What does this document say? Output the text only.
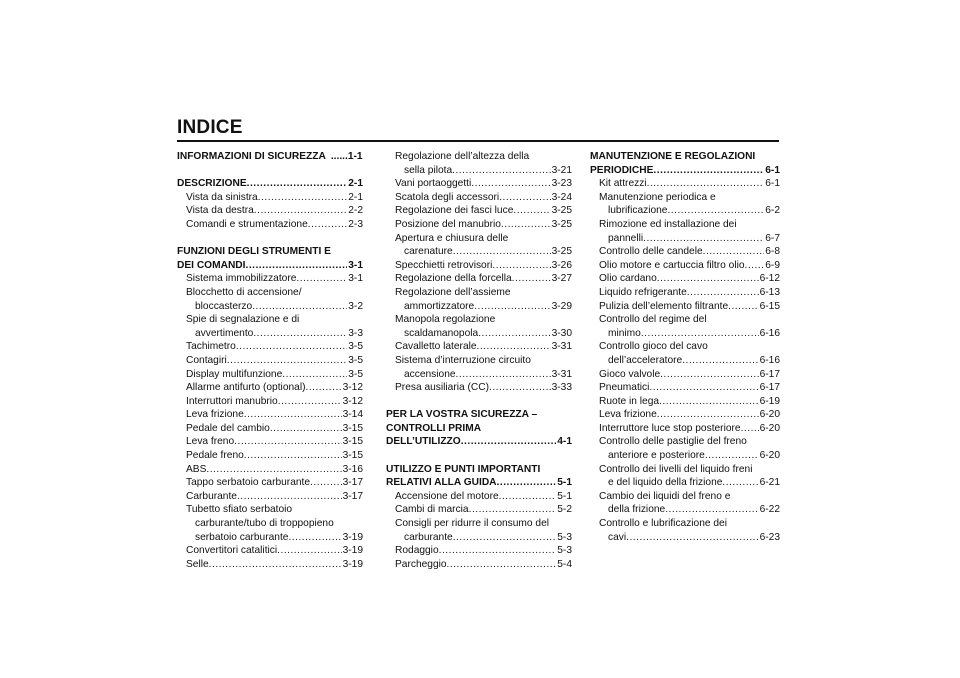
INDICE
INFORMAZIONI DI SICUREZZA ......1-1
DESCRIZIONE .....	2-1
Vista da sinistra .....	2-1
Vista da destra .....	2-2
Comandi e strumentazione .....	2-3
FUNZIONI DEGLI STRUMENTI E
DEI COMANDI .....	3-1
Sistema immobilizzatore .....	3-1
Blocchetto di accensione/
bloccasterzo .....	3-2
Spie di segnalazione e di
avvertimento .....	3-3
Tachimetro .....	3-5
Contagiri .....	3-5
Display multifunzione .....	3-5
Allarme antifurto (optional) .....	3-12
Interruttori manubrio .....	3-12
Leva frizione .....	3-14
Pedale del cambio .....	3-15
Leva freno .....	3-15
Pedale freno .....	3-15
ABS .....	3-16
Tappo serbatoio carburante .....	3-17
Carburante .....	3-17
Tubetto sfiato serbatoio
carburante/tubo di troppopieno
serbatoio carburante .....	3-19
Convertitori catalitici .....	3-19
Selle .....	3-19
Regolazione dell’altezza della
sella pilota .....	3-21
Vani portaoggetti .....	3-23
Scatola degli accessori .....	3-24
Regolazione dei fasci luce .....	3-25
Posizione del manubrio .....	3-25
Apertura e chiusura delle
carenature .....	3-25
Specchietti retrovisori .....	3-26
Regolazione della forcella .....	3-27
Regolazione dell’assieme
ammortizzatore .....	3-29
Manopola regolazione
scaldamanopola .....	3-30
Cavalletto laterale .....	3-31
Sistema d’interruzione circuito
accensione .....	3-31
Presa ausiliaria (CC) .....	3-33
PER LA VOSTRA SICUREZZA –
CONTROLLI PRIMA
DELL’UTILIZZO .....	4-1
UTILIZZO E PUNTI IMPORTANTI
RELATIVI ALLA GUIDA .....	5-1
Accensione del motore .....	5-1
Cambi di marcia .....	5-2
Consigli per ridurre il consumo del
carburante .....	5-3
Rodaggio .....	5-3
Parcheggio .....	5-4
MANUTENZIONE E REGOLAZIONI
PERIODICHE .....	6-1
Kit attrezzi .....	6-1
Manutenzione periodica e
lubrificazione .....	6-2
Rimozione ed installazione dei
pannelli .....	6-7
Controllo delle candele .....	6-8
Olio motore e cartuccia filtro olio ..... 6-9
Olio cardano .....	6-12
Liquido refrigerante .....	6-13
Pulizia dell’elemento filtrante .....	6-15
Controllo del regime del
minimo .....	6-16
Controllo gioco del cavo
dell’acceleratore .....	6-16
Gioco valvole .....	6-17
Pneumatici .....	6-17
Ruote in lega .....	6-19
Leva frizione .....	6-20
Interruttore luce stop posteriore ..... 6-20
Controllo delle pastiglie del freno
anteriore e posteriore .....	6-20
Controllo dei livelli del liquido freni
e del liquido della frizione .....	6-21
Cambio dei liquidi del freno e
della frizione .....	6-22
Controllo e lubrificazione dei
cavi .....	6-23
